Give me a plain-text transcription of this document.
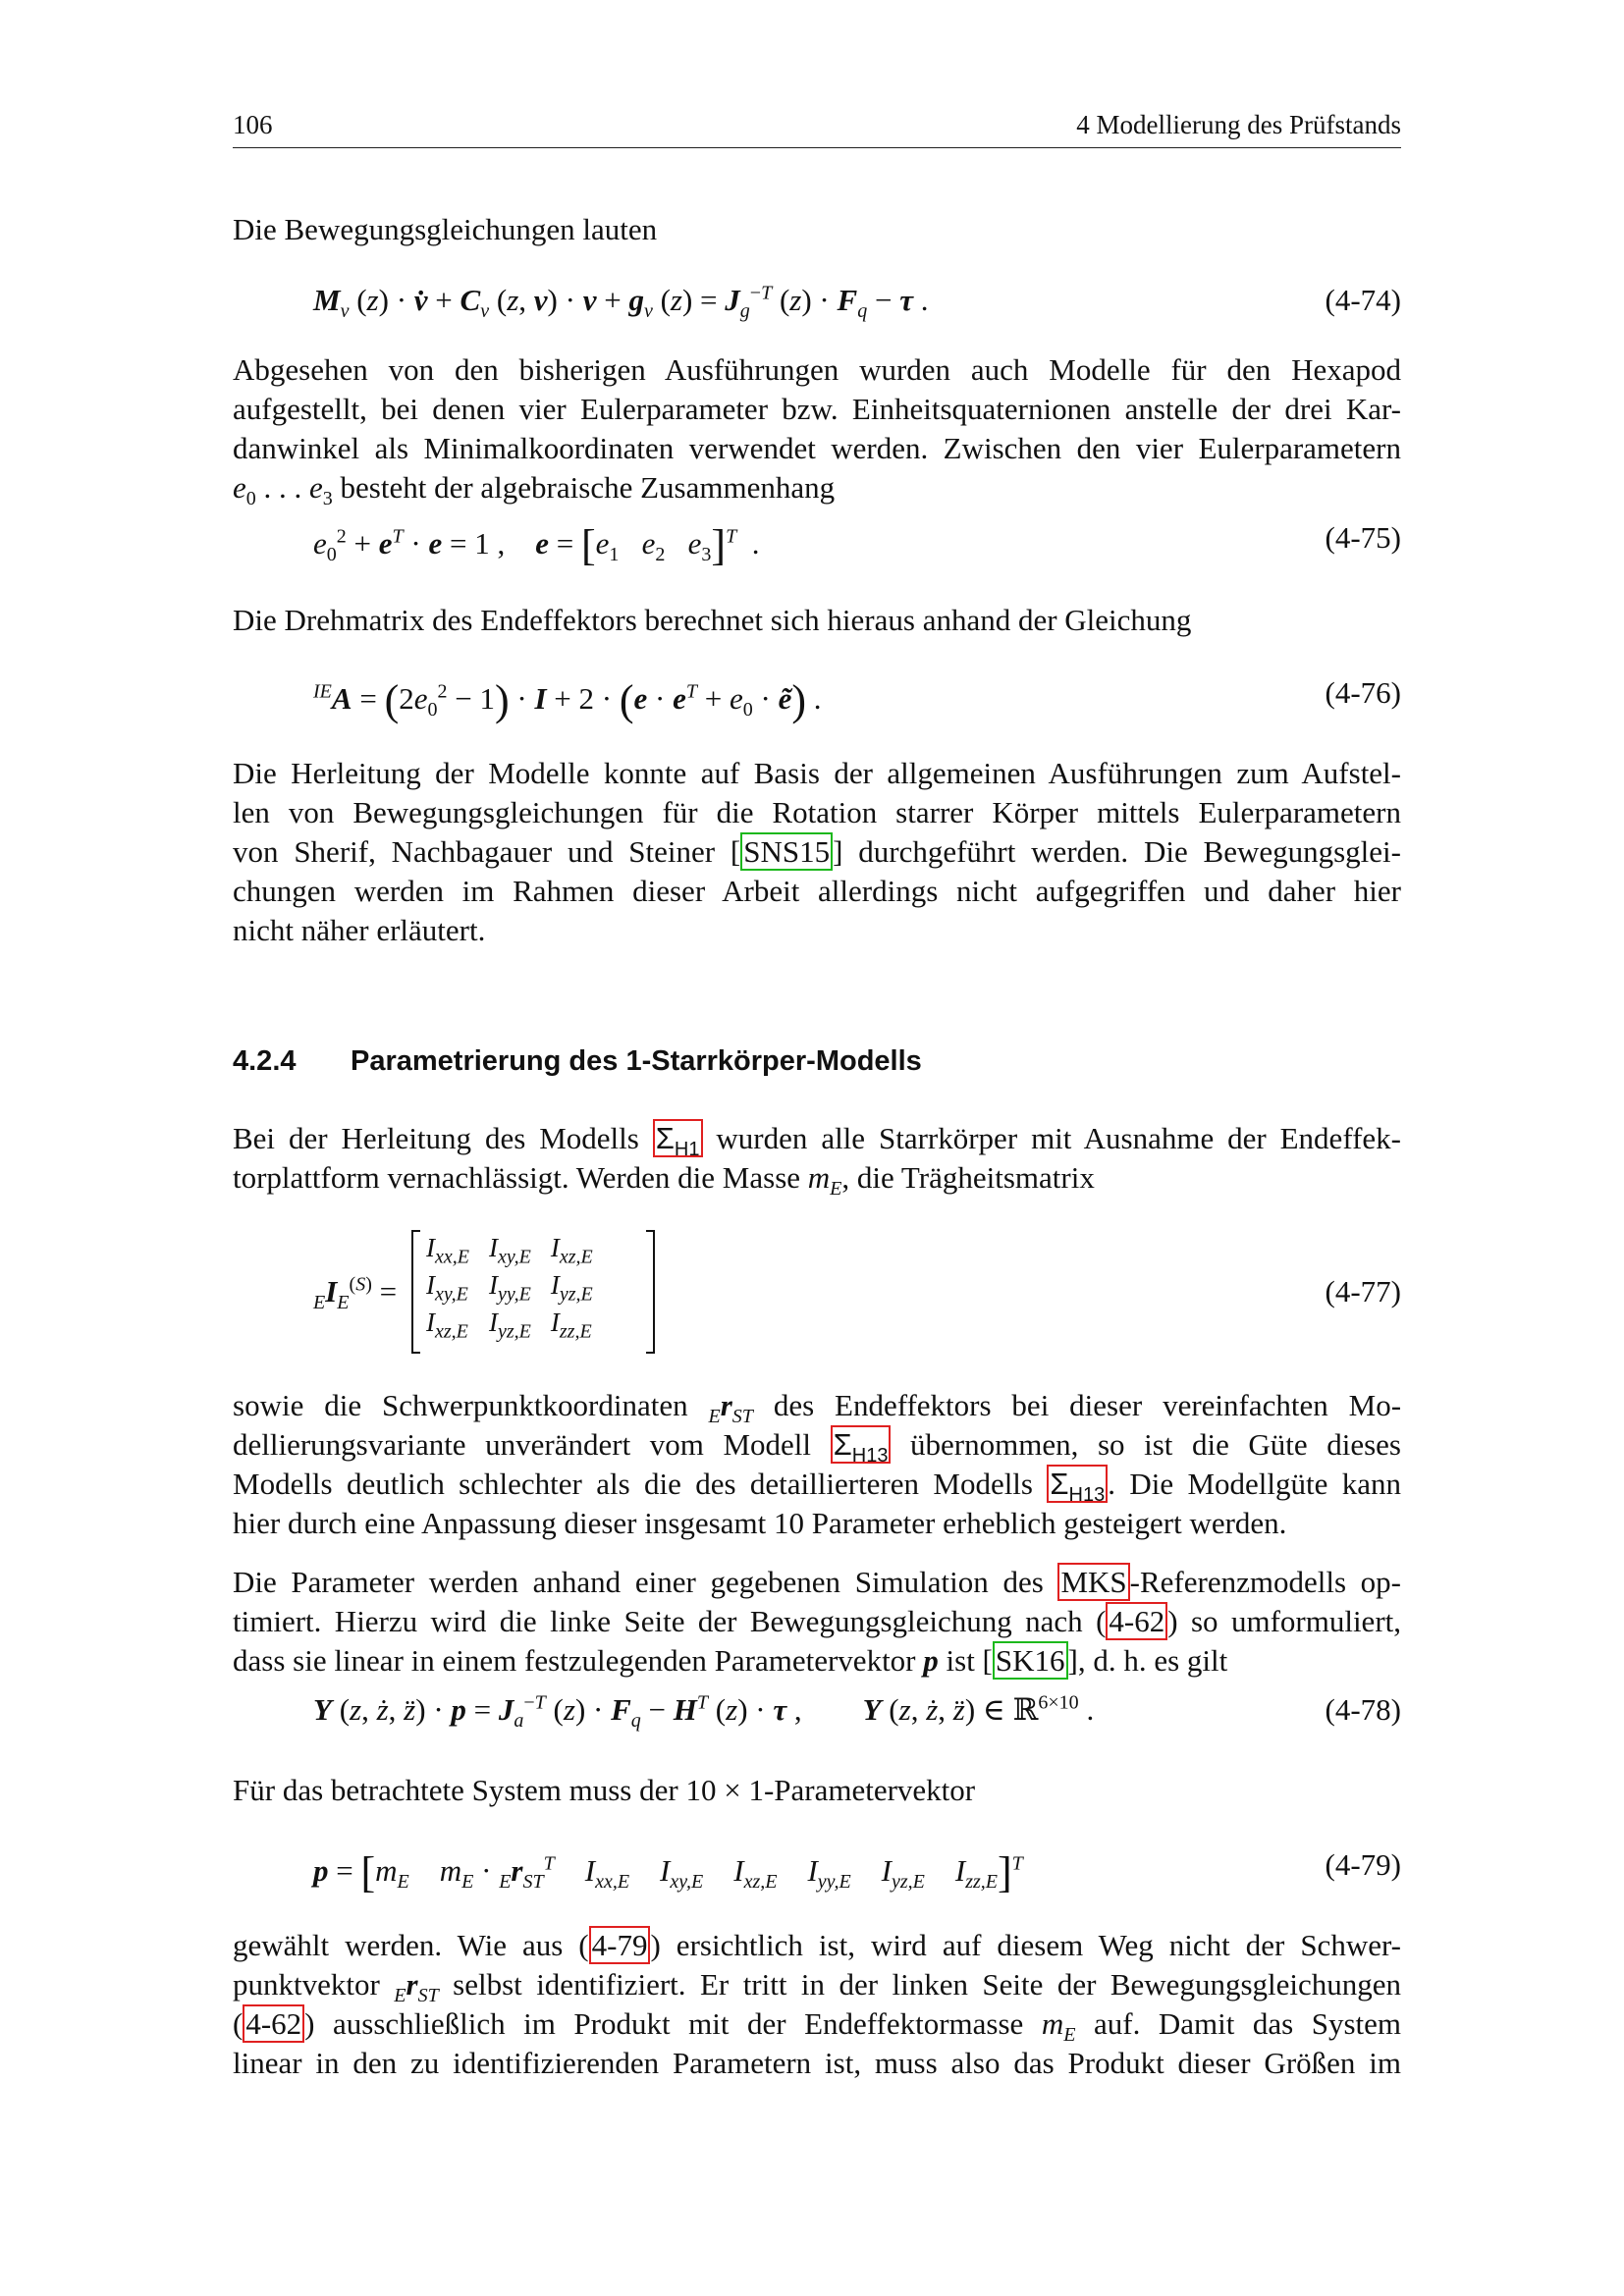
106	4 Modellierung des Prüfstands
Die Bewegungsgleichungen lauten
$M_v$ (z) · v̇ + $C_v$ (z, $v) \cdot v + g_v$ $(z) = J_g^{-T}$ $(z) \cdot F_q - \tau$ .	(4-74)
Abgesehen von den bisherigen Ausführungen wurden auch Modelle für den Hexapod
aufgestellt, bei denen vier Eulerparameter bzw. Einheitsquaternionen anstelle der drei Kar-
danwinkel als Minimalkoordinaten verwendet werden. Zwischen den vier Eulerparametern
$e_0$ . . . $e_3$ besteht der algebraische Zusammenhang
$e_0^2 + e^T \cdot e = 1$ ,    $e = [e_1$ $e_2$ $e_3]^T$  .	(4-75)
Die Drehmatrix des Endeffektors berechnet sich hieraus anhand der Gleichung
$^{IE}A = (2e_0^2 - 1) \cdot I + 2 \cdot (e \cdot e^T + e_0$ · ẽ) .	(4-76)
Die Herleitung der Modelle konnte auf Basis der allgemeinen Ausführungen zum Aufstel-
len von Bewegungsgleichungen für die Rotation starrer Körper mittels Eulerparametern
von Sherif, Nachbagauer und Steiner [SNS15] durchgeführt werden. Die Bewegungsglei-
chungen werden im Rahmen dieser Arbeit allerdings nicht aufgegriffen und daher hier
nicht näher erläutert.
4.2.4 Parametrierung des 1-Starrkörper-Modells
Bei der Herleitung des Modells $\Sigma_{H1}$ wurden alle Starrkörper mit Ausnahme der Endeffek-
torplattform vernachlässigt. Werden die Masse $m_E$, die Trägheitsmatrix
$_EI_E^{(S)}$ =	(4-77)
$I_{xx,E}$	$I_{xy,E}$	$I_{xz,E}$
$I_{xy,E}$	$I_{yy,E}$	$I_{yz,E}$
$I_{xz,E}$	$I_{yz,E}$	$I_{zz,E}$
sowie die Schwerpunktkoordinaten $_Er_{ST}$ des Endeffektors bei dieser vereinfachten Mo-
dellierungsvariante unverändert vom Modell $\Sigma_{H13}$ übernommen, so ist die Güte dieses
Modells deutlich schlechter als die des detaillierteren Modells $\Sigma_{H13}$. Die Modellgüte kann
hier durch eine Anpassung dieser insgesamt 10 Parameter erheblich gesteigert werden.
Die Parameter werden anhand einer gegebenen Simulation des MKS-Referenzmodells op-
timiert. Hierzu wird die linke Seite der Bewegungsgleichung nach (4-62) so umformuliert,
dass sie linear in einem festzulegenden Parametervektor p ist [SK16], d. h. es gilt
Y (z, ż, z̈) · $p = J_a^{-T}$ $(z) \cdot F_q - H^T$ (z) · τ ,        Y (z, ż, z̈) ∈ ℝ$^{6\times 10}$ .	(4-78)
Für das betrachtete System muss der 10 × 1-Parametervektor
$p = [m_E$ $m_E \cdot _Er_{ST}^T$ $I_{xx,E}$ $I_{xy,E}$ $I_{xz,E}$ $I_{yy,E}$ $I_{yz,E}$ $I_{zz,E}]^T$	(4-79)
gewählt werden. Wie aus (4-79) ersichtlich ist, wird auf diesem Weg nicht der Schwer-
punktvektor $_Er_{ST}$ selbst identifiziert. Er tritt in der linken Seite der Bewegungsgleichungen
(4-62) ausschließlich im Produkt mit der Endeffektormasse $m_E$ auf. Damit das System
linear in den zu identifizierenden Parametern ist, muss also das Produkt dieser Größen im
